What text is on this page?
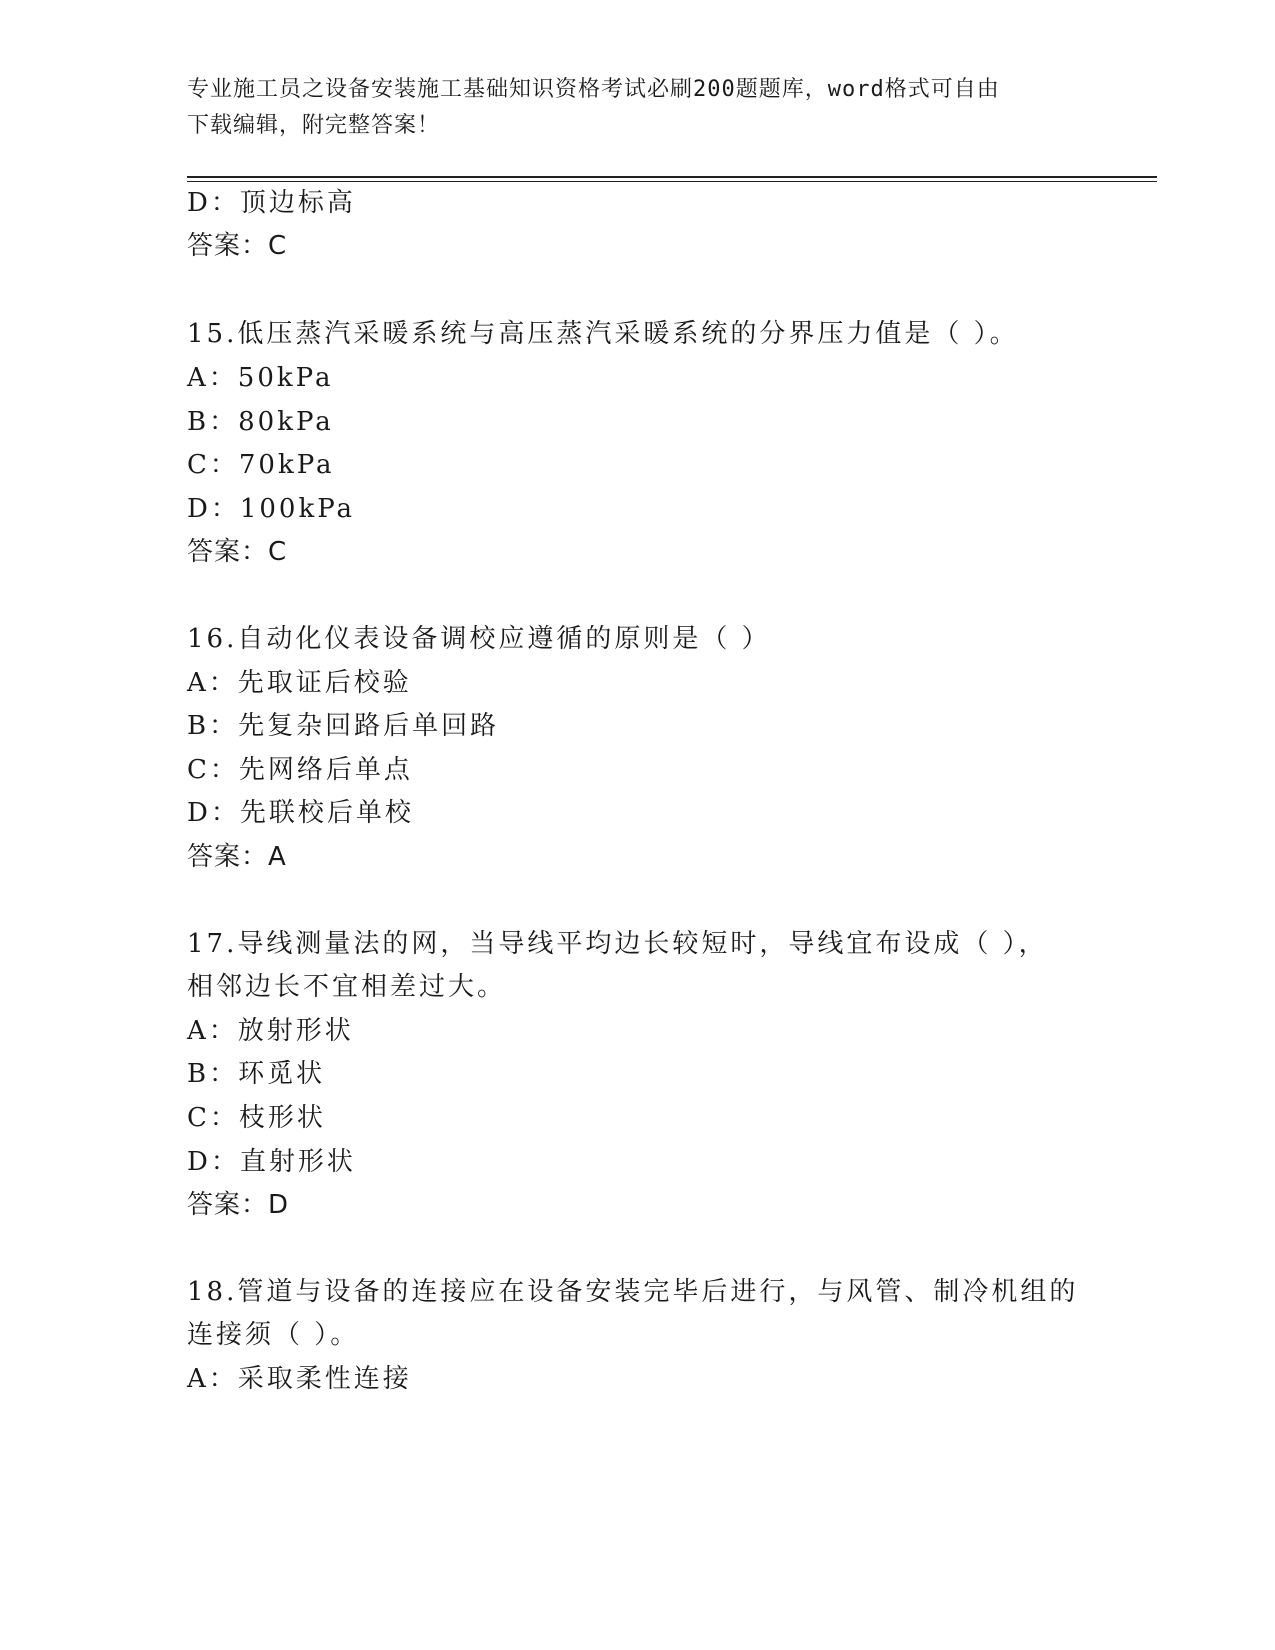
专业施工员之设备安装施工基础知识资格考试必刷200题题库，word格式可自由
下载编辑，附完整答案！
D：顶边标高
答案：C
15.低压蒸汽采暖系统与高压蒸汽采暖系统的分界压力值是（ ）。
A：50kPa
B：80kPa
C：70kPa
D：100kPa
答案：C
16.自动化仪表设备调校应遵循的原则是（ ）
A：先取证后校验
B：先复杂回路后单回路
C：先网络后单点
D：先联校后单校
答案：A
17.导线测量法的网，当导线平均边长较短时，导线宜布设成（ ），
相邻边长不宜相差过大。
A：放射形状
B：环觅状
C：枝形状
D：直射形状
答案：D
18.管道与设备的连接应在设备安装完毕后进行，与风管、制冷机组的
连接须（ ）。
A：采取柔性连接
